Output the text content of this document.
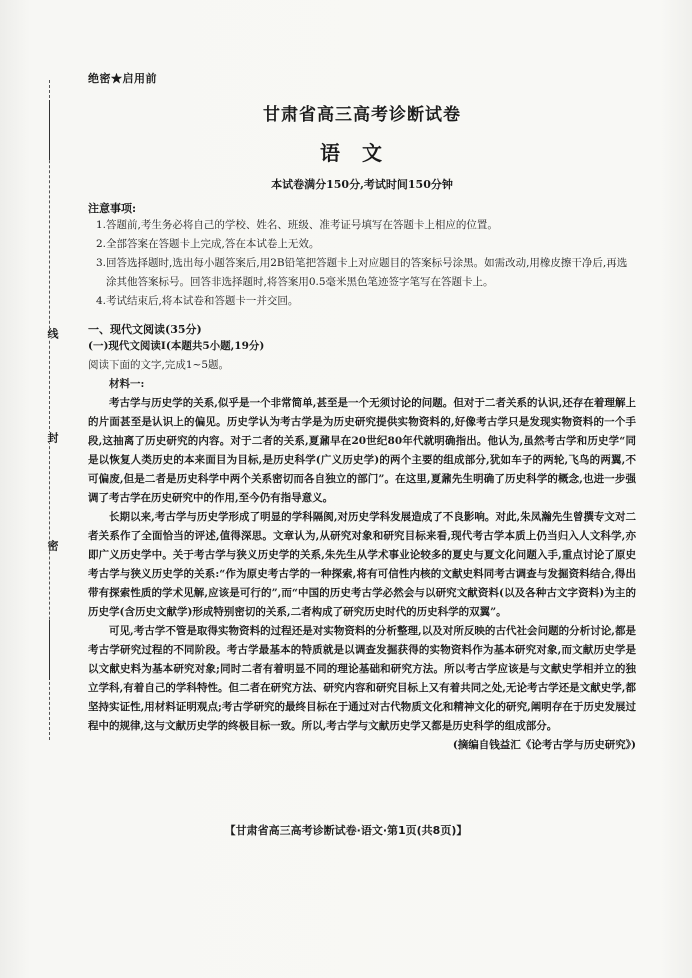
线
封
密
绝密★启用前
甘肃省高三高考诊断试卷
语文
本试卷满分150分,考试时间150分钟
注意事项:
1.答题前,考生务必将自己的学校、姓名、班级、准考证号填写在答题卡上相应的位置。
2.全部答案在答题卡上完成,答在本试卷上无效。
3.回答选择题时,选出每小题答案后,用2B铅笔把答题卡上对应题目的答案标号涂黑。如需改动,用橡皮擦干净后,再选涂其他答案标号。回答非选择题时,将答案用0.5毫米黑色笔迹签字笔写在答题卡上。
4.考试结束后,将本试卷和答题卡一并交回。
一、现代文阅读(35分)
(一)现代文阅读Ⅰ(本题共5小题,19分)
阅读下面的文字,完成1~5题。
材料一:

考古学与历史学的关系,似乎是一个非常简单,甚至是一个无须讨论的问题。但对于二者关系的认识,还存在着理解上的片面甚至是认识上的偏见。历史学认为考古学是为历史研究提供实物资料的,好像考古学只是发现实物资料的一个手段,这抽离了历史研究的内容。对于二者的关系,夏鼐早在20世纪80年代就明确指出。他认为,虽然考古学和历史学“同是以恢复人类历史的本来面目为目标,是历史科学(广义历史学)的两个主要的组成部分,犹如车子的两轮,飞鸟的两翼,不可偏废,但是二者是历史科学中两个关系密切而各自独立的部门”。在这里,夏鼐先生明确了历史科学的概念,也进一步强调了考古学在历史研究中的作用,至今仍有指导意义。

长期以来,考古学与历史学形成了明显的学科隔阂,对历史学科发展造成了不良影响。对此,朱凤瀚先生曾撰专文对二者关系作了全面恰当的评述,值得深思。文章认为,从研究对象和研究目标来看,现代考古学本质上仍当归入人文科学,亦即广义历史学中。关于考古学与狭义历史学的关系,朱先生从学术事业论较多的夏史与夏文化问题入手,重点讨论了原史考古学与狭义历史学的关系:“作为原史考古学的一种探索,将有可信性内核的文献史料同考古调查与发掘资料结合,得出带有探索性质的学术见解,应该是可行的”,而“中国的历史考古学必然会与以研究文献资料(以及各种古文字资料)为主的历史学(含历史文献学)形成特别密切的关系,二者构成了研究历史时代的历史科学的双翼”。

可见,考古学不管是取得实物资料的过程还是对实物资料的分析整理,以及对所反映的古代社会问题的分析讨论,都是考古学研究过程的不同阶段。考古学最基本的特质就是以调查发掘获得的实物资料作为基本研究对象,而文献历史学是以文献史料为基本研究对象;同时二者有着明显不同的理论基础和研究方法。所以考古学应该是与文献史学相并立的独立学科,有着自己的学科特性。但二者在研究方法、研究内容和研究目标上又有着共同之处,无论考古学还是文献史学,都坚持实证性,用材料证明观点;考古学研究的最终目标在于通过对古代物质文化和精神文化的研究,阐明存在于历史发展过程中的规律,这与文献历史学的终极目标一致。所以,考古学与文献历史学又都是历史科学的组成部分。

(摘编自钱益汇《论考古学与历史研究》)
【甘肃省高三高考诊断试卷·语文·第1页(共8页)】
